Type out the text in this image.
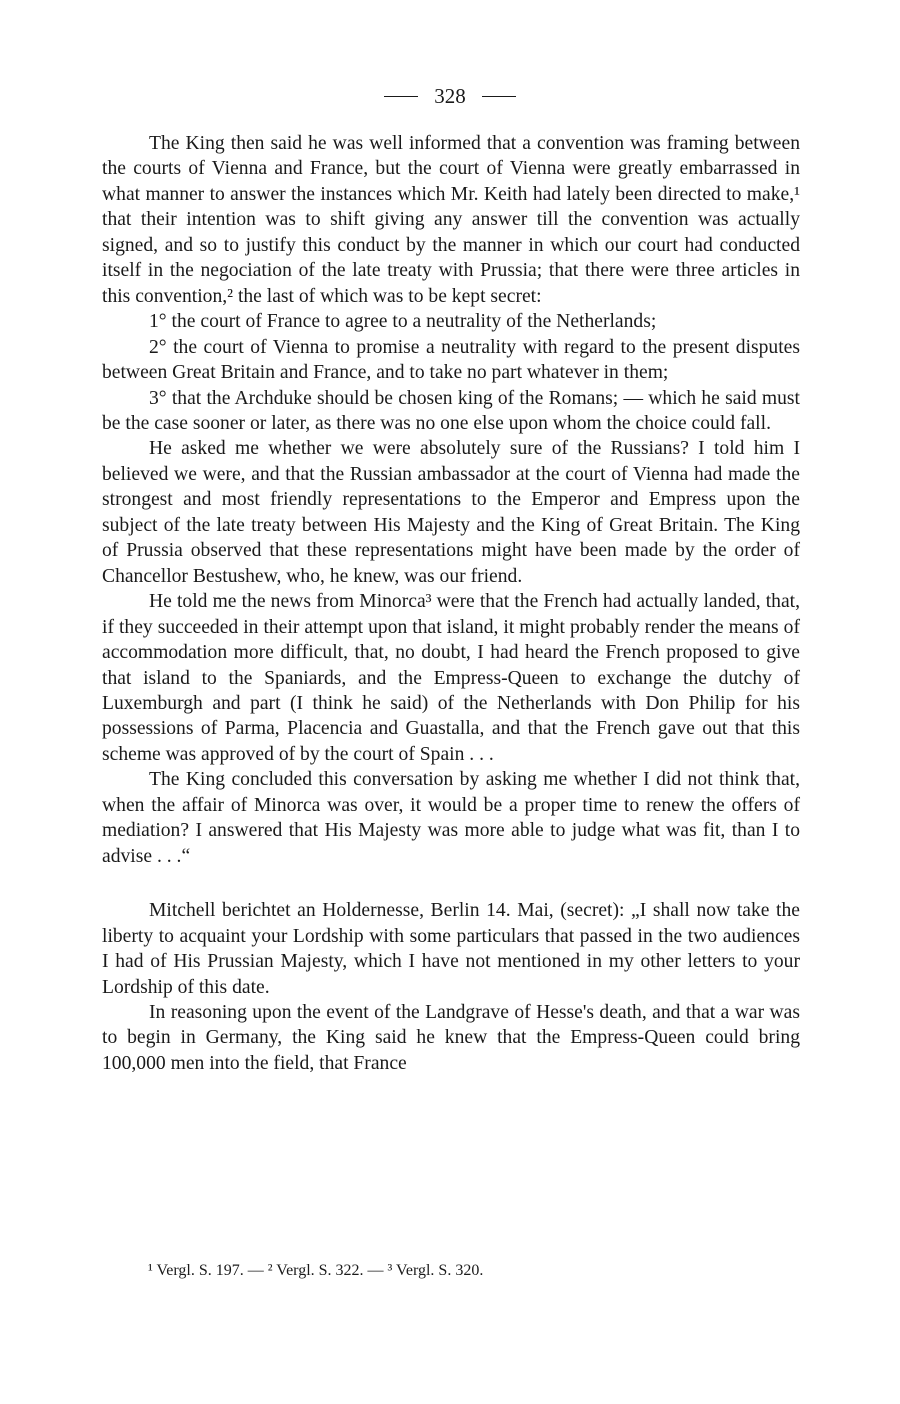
328

The King then said he was well informed that a convention was framing between the courts of Vienna and France, but the court of Vienna were greatly embarrassed in what manner to answer the instances which Mr. Keith had lately been directed to make,¹ that their intention was to shift giving any answer till the convention was actually signed, and so to justify this conduct by the manner in which our court had conducted itself in the negociation of the late treaty with Prussia; that there were three articles in this convention,² the last of which was to be kept secret:

1° the court of France to agree to a neutrality of the Netherlands;

2° the court of Vienna to promise a neutrality with regard to the present disputes between Great Britain and France, and to take no part whatever in them;

3° that the Archduke should be chosen king of the Romans; — which he said must be the case sooner or later, as there was no one else upon whom the choice could fall.

He asked me whether we were absolutely sure of the Russians? I told him I believed we were, and that the Russian ambassador at the court of Vienna had made the strongest and most friendly representations to the Emperor and Empress upon the subject of the late treaty between His Majesty and the King of Great Britain. The King of Prussia observed that these representations might have been made by the order of Chancellor Bestushew, who, he knew, was our friend.

He told me the news from Minorca³ were that the French had actually landed, that, if they succeeded in their attempt upon that island, it might probably render the means of accommodation more difficult, that, no doubt, I had heard the French proposed to give that island to the Spaniards, and the Empress-Queen to exchange the dutchy of Luxemburgh and part (I think he said) of the Netherlands with Don Philip for his possessions of Parma, Placencia and Guastalla, and that the French gave out that this scheme was approved of by the court of Spain . . .

The King concluded this conversation by asking me whether I did not think that, when the affair of Minorca was over, it would be a proper time to renew the offers of mediation? I answered that His Majesty was more able to judge what was fit, than I to advise . . .“

Mitchell berichtet an Holdernesse, Berlin 14. Mai, (secret): „I shall now take the liberty to acquaint your Lordship with some particulars that passed in the two audiences I had of His Prussian Majesty, which I have not mentioned in my other letters to your Lordship of this date.

In reasoning upon the event of the Landgrave of Hesse's death, and that a war was to begin in Germany, the King said he knew that the Empress-Queen could bring 100,000 men into the field, that France

¹ Vergl. S. 197. — ² Vergl. S. 322. — ³ Vergl. S. 320.
